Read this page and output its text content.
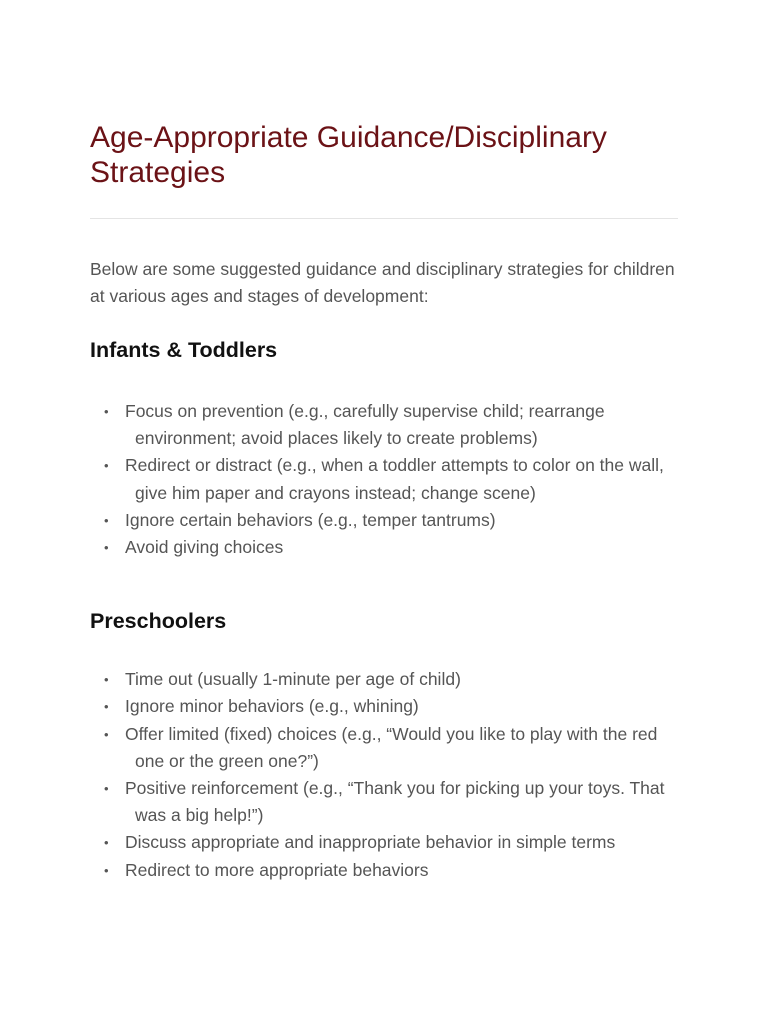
Age-Appropriate Guidance/Disciplinary Strategies

Below are some suggested guidance and disciplinary strategies for children at various ages and stages of development:

Infants & Toddlers
• Focus on prevention (e.g., carefully supervise child; rearrange environment; avoid places likely to create problems)
• Redirect or distract (e.g., when a toddler attempts to color on the wall, give him paper and crayons instead; change scene)
• Ignore certain behaviors (e.g., temper tantrums)
• Avoid giving choices
Preschoolers
• Time out (usually 1-minute per age of child)
• Ignore minor behaviors (e.g., whining)
• Offer limited (fixed) choices (e.g., “Would you like to play with the red one or the green one?”)
• Positive reinforcement (e.g., “Thank you for picking up your toys. That was a big help!”)
• Discuss appropriate and inappropriate behavior in simple terms
• Redirect to more appropriate behaviors
